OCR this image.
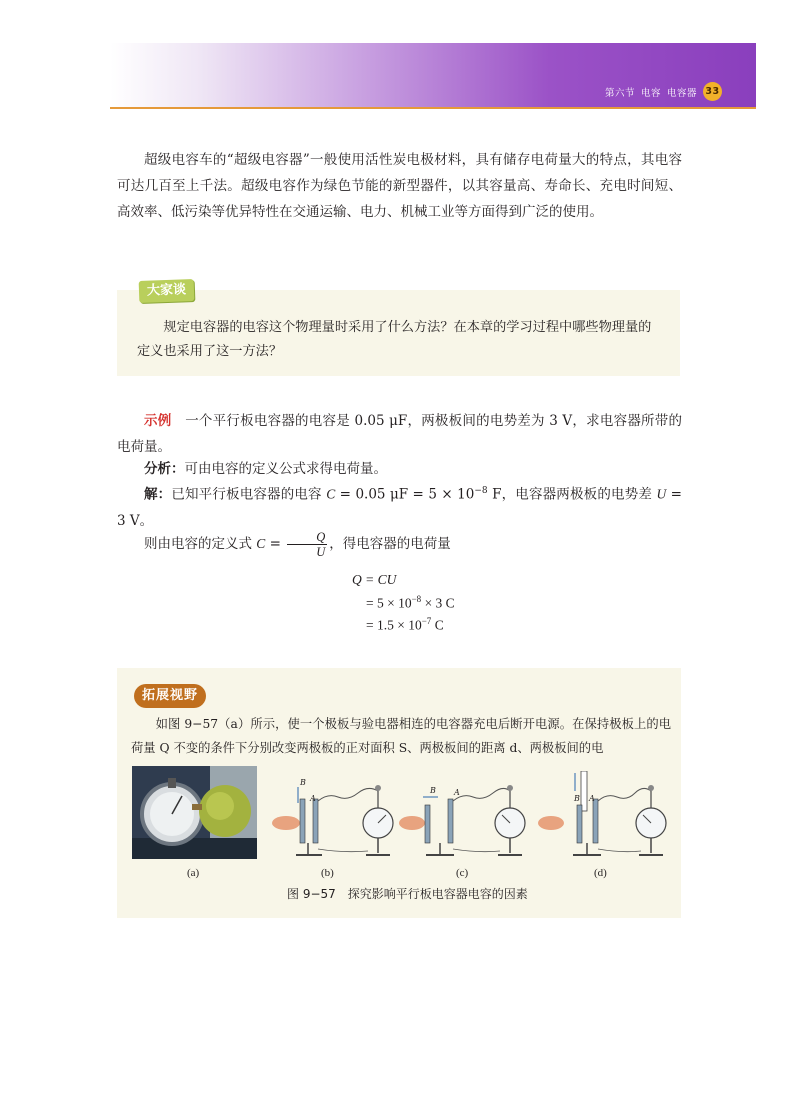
第六节 电容 电容器 33

超级电容车的“超级电容器”一般使用活性炭电极材料，具有储存电荷量大的特点，其电容可达几百至上千法。超级电容作为绿色节能的新型器件，以其容量高、寿命长、充电时间短、高效率、低污染等优异特性在交通运输、电力、机械工业等方面得到广泛的使用。

大家谈

规定电容器的电容这个物理量时采用了什么方法？在本章的学习过程中哪些物理量的定义也采用了这一方法？

示例　 一个平行板电容器的电容是 0.05 μF，两极板间的电势差为 3 V，求电容器所带的电荷量。

分析：可由电容的定义公式求得电荷量。

解：已知平行板电容器的电容 C = 0.05 $\mu F = 5 \times 10^{-8}$ F，电容器两极板的电势差 U = 3 V。

则由电容的定义式 $C = \frac{Q}{U}$ ，得电容器的电荷量

Q = CU
= $5 \times 10^{-8} \times 3$ C
= $1.5 \times 10^{-7}$ C
拓展视野

如图 9−57（a）所示，使一个极板与验电器相连的电容器充电后断开电源。在保持极板上的电荷量 Q 不变的条件下分别改变两极板的正对面积 S、两极板间的距离 d、两极板间的电

B
A
B A
B A
(a)	(b)	(c)	(d)
图 9−57　探究影响平行板电容器电容的因素
